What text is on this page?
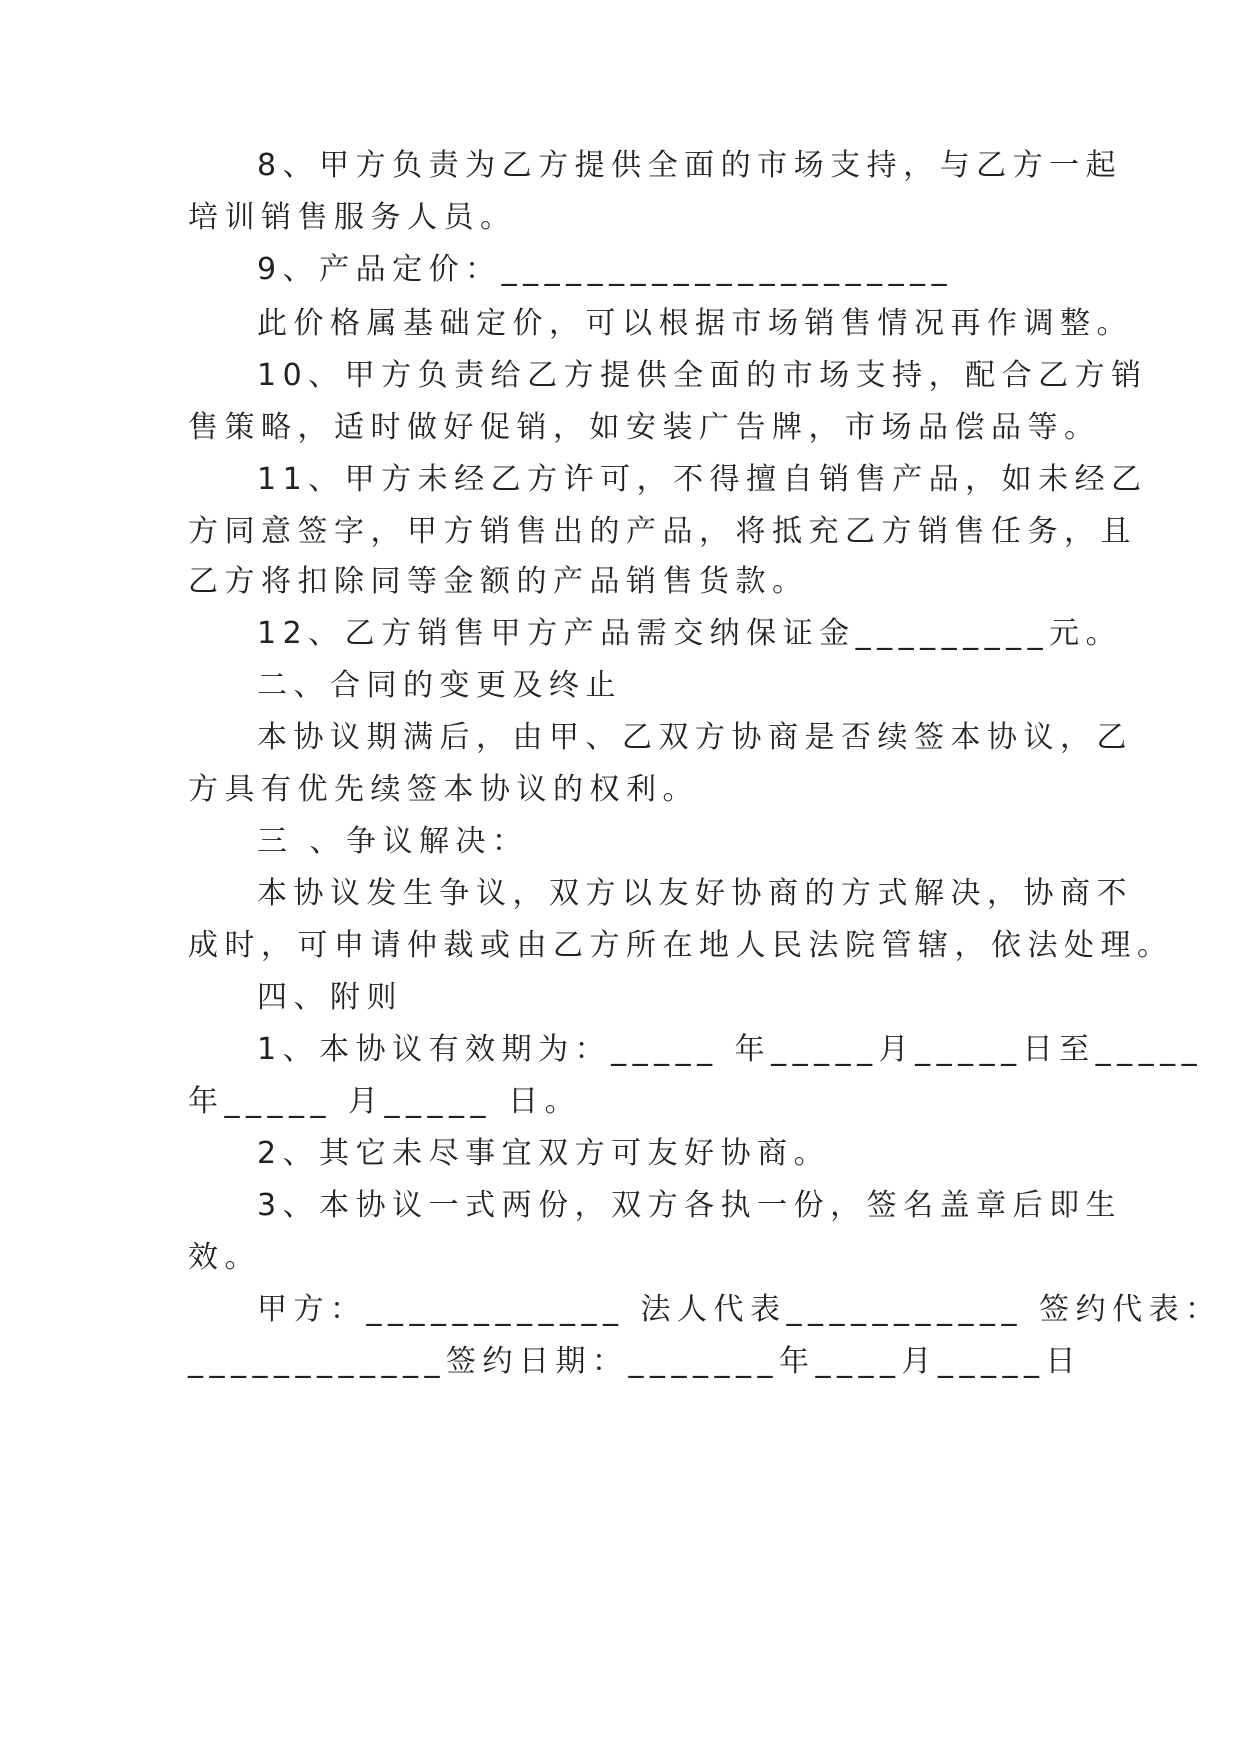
8、甲方负责为乙方提供全面的市场支持，与乙方一起
培训销售服务人员。
9、产品定价：_____________________
此价格属基础定价，可以根据市场销售情况再作调整。
10、甲方负责给乙方提供全面的市场支持，配合乙方销
售策略，适时做好促销，如安装广告牌，市场品偿品等。
11、甲方未经乙方许可，不得擅自销售产品，如未经乙
方同意签字，甲方销售出的产品，将抵充乙方销售任务，且
乙方将扣除同等金额的产品销售货款。
12、乙方销售甲方产品需交纳保证金_________元。
二、合同的变更及终止
本协议期满后，由甲、乙双方协商是否续签本协议，乙
方具有优先续签本协议的权利。
三 、争议解决：
本协议发生争议，双方以友好协商的方式解决，协商不
成时，可申请仲裁或由乙方所在地人民法院管辖，依法处理。
四、附则
1、本协议有效期为：_____ 年_____月_____日至_____
年_____ 月_____ 日。
2、其它未尽事宜双方可友好协商。
3、本协议一式两份，双方各执一份，签名盖章后即生
效。
甲方：____________ 法人代表___________ 签约代表：
____________签约日期：_______年____月_____日
